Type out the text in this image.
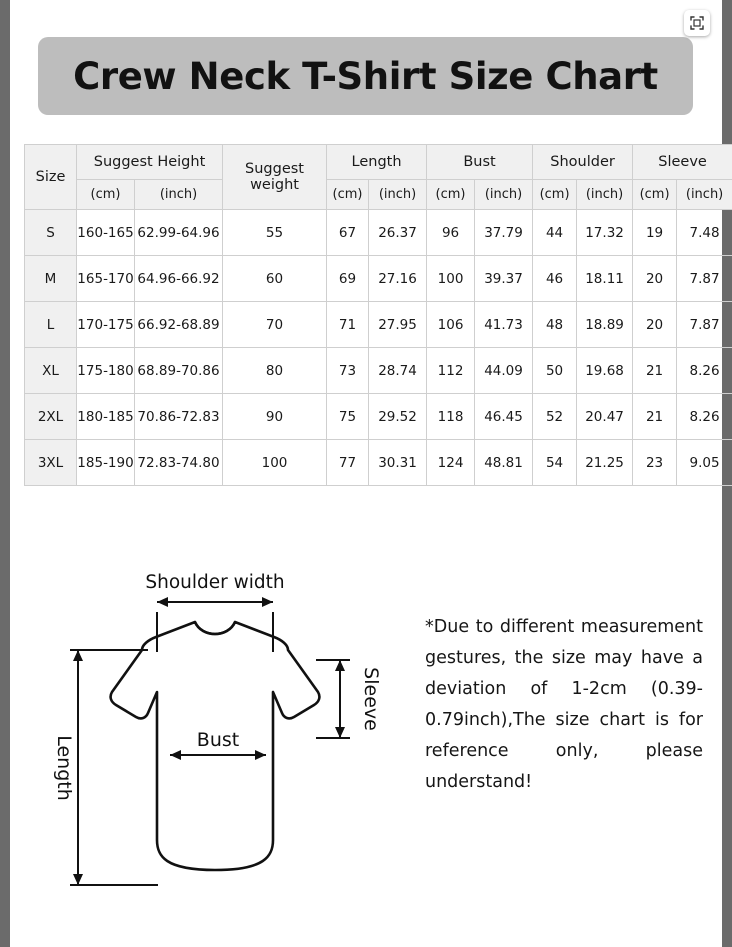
Crew Neck T-Shirt Size Chart
Size	Suggest Height		Suggest weight	Length		Bust		Shoulder		Sleeve	
	(cm)	(inch)		(cm)	(inch)	(cm)	(inch)	(cm)	(inch)	(cm)	(inch)
S	160-165	62.99-64.96	55	67	26.37	96	37.79	44	17.32	19	7.48
M	165-170	64.96-66.92	60	69	27.16	100	39.37	46	18.11	20	7.87
L	170-175	66.92-68.89	70	71	27.95	106	41.73	48	18.89	20	7.87
XL	175-180	68.89-70.86	80	73	28.74	112	44.09	50	19.68	21	8.26
2XL	180-185	70.86-72.83	90	75	29.52	118	46.45	52	20.47	21	8.26
3XL	185-190	72.83-74.80	100	77	30.31	124	48.81	54	21.25	23	9.05
Shoulder width
Bust
Sleeve
Length

*Due to different measurement gestures, the size may have a deviation of 1-2cm (0.39-0.79inch),The size chart is for reference only, please understand!
